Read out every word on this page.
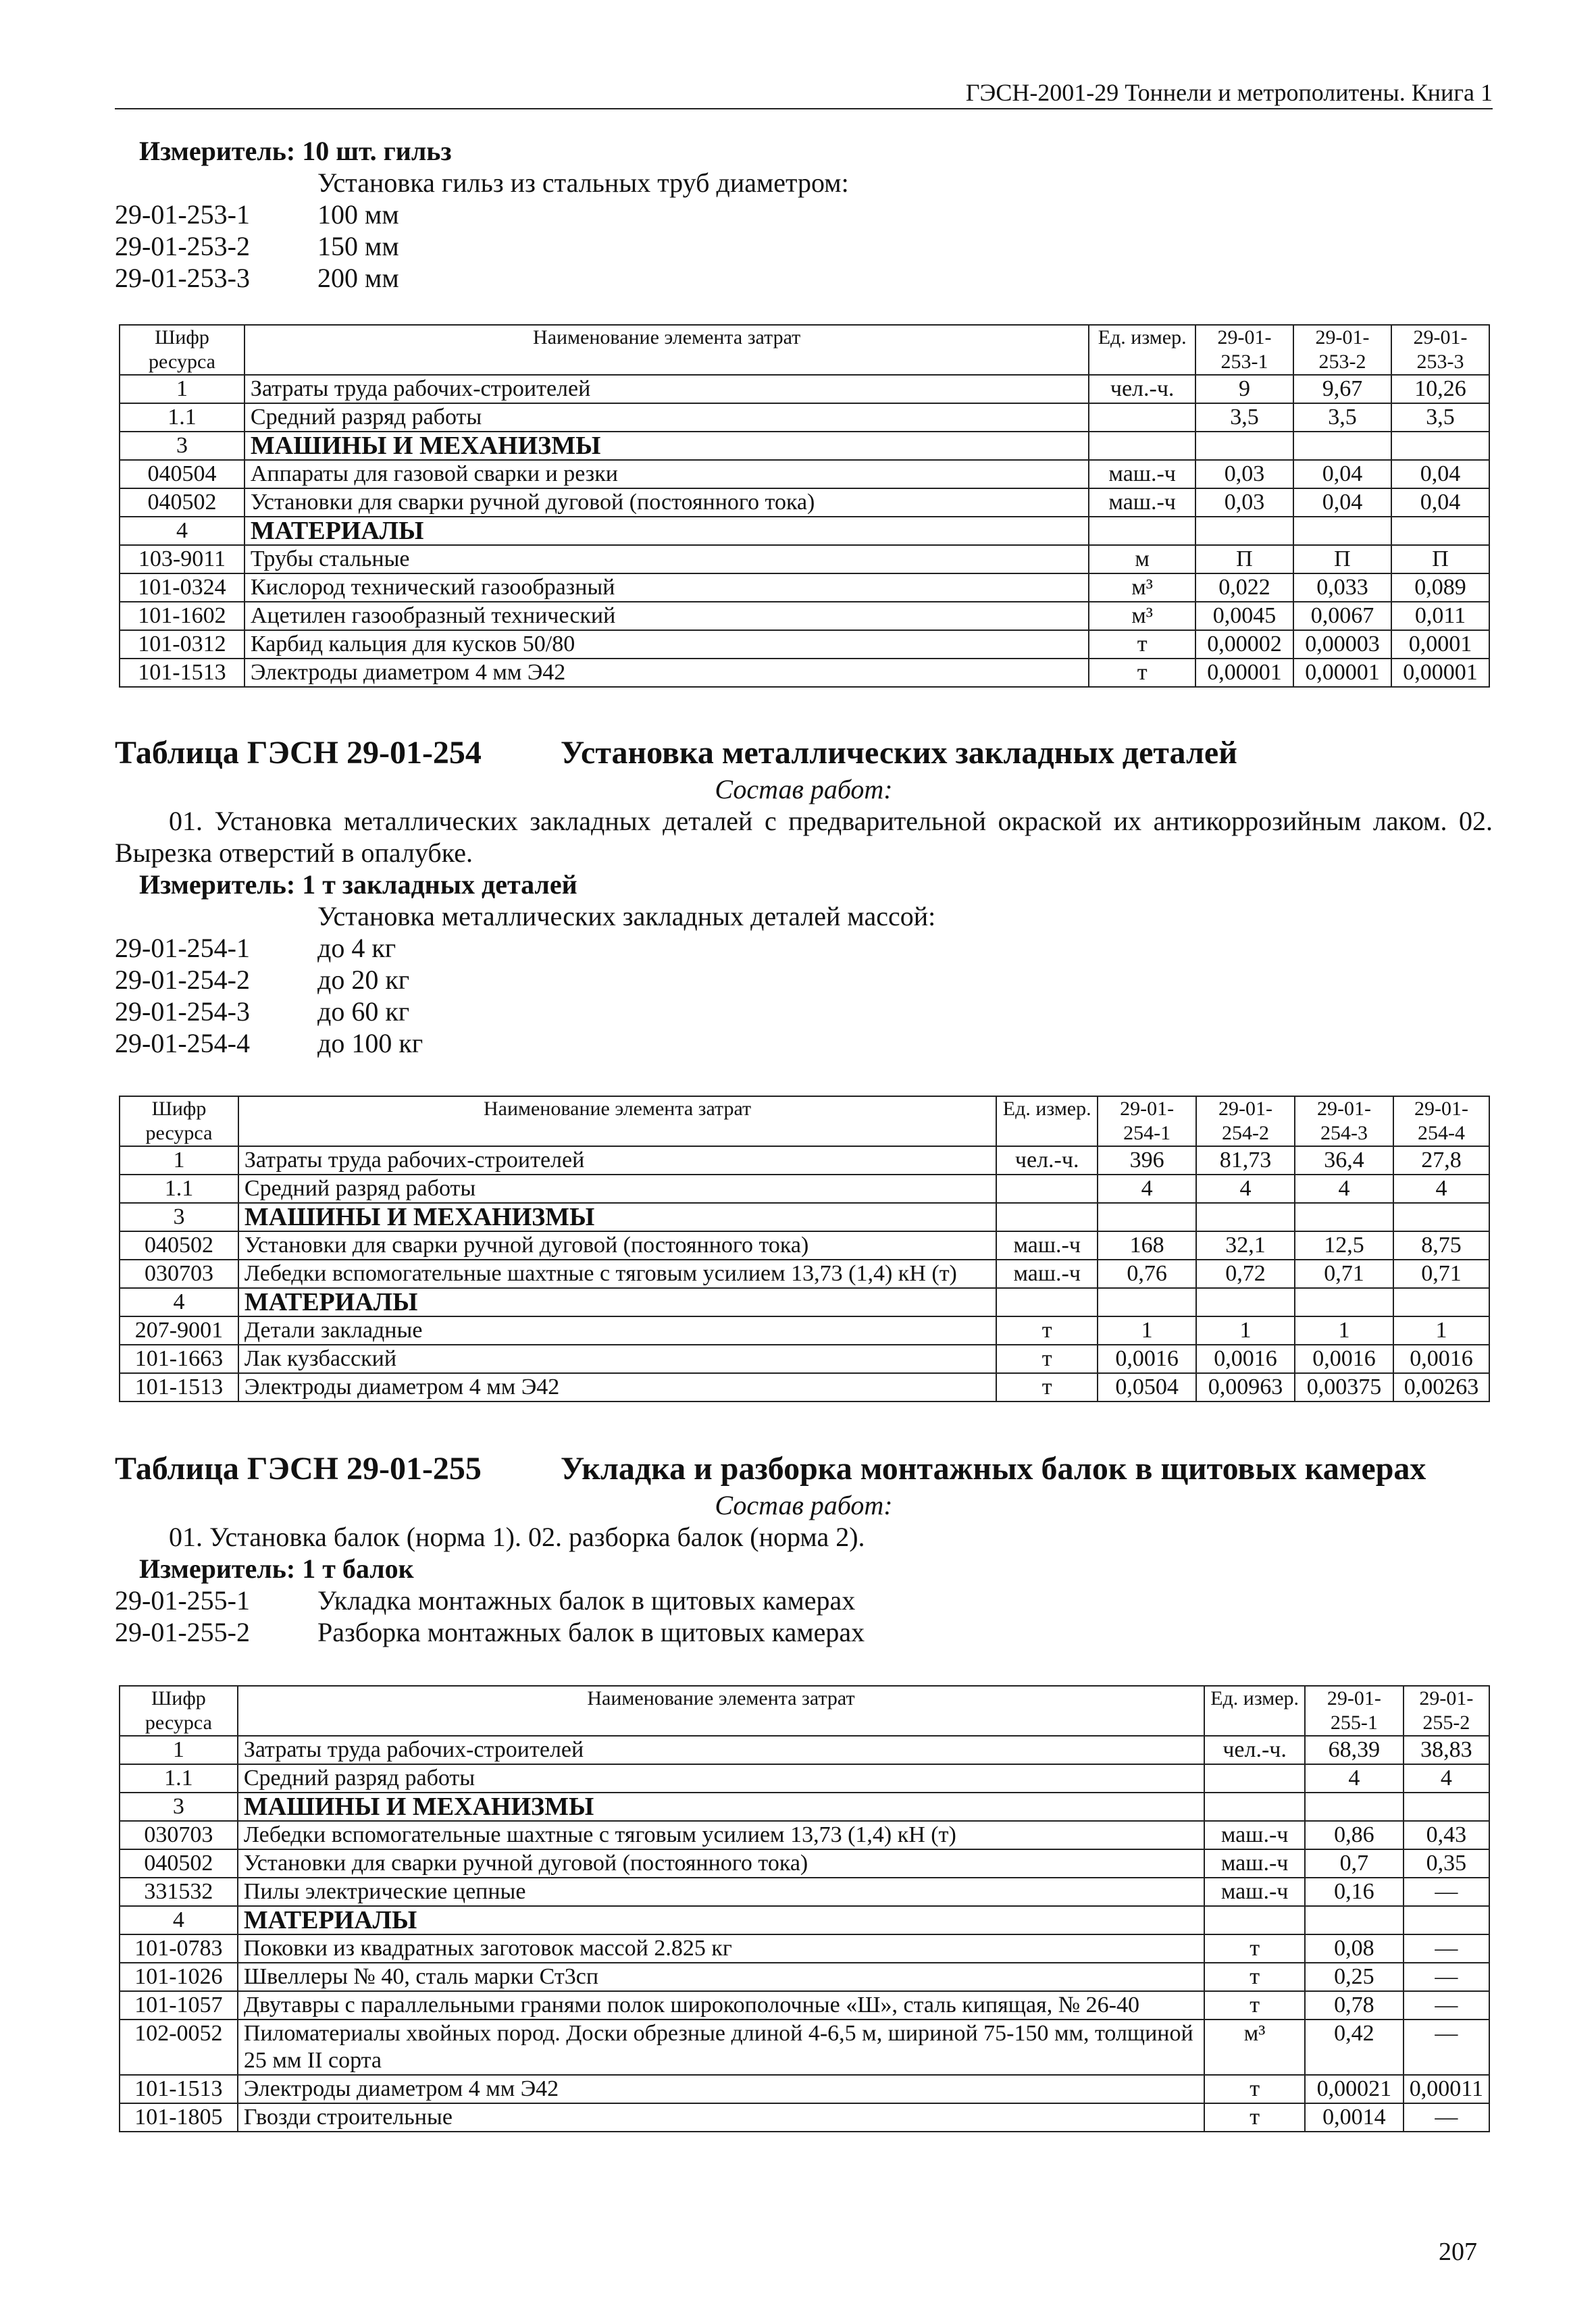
ГЭСН-2001-29 Тоннели и метрополитены. Книга 1
Измеритель: 10 шт. гильз
Установка гильз из стальных труб диаметром:
29-01-253-1	100 мм
29-01-253-2	150 мм
29-01-253-3	200 мм
Шифр ресурса	Наименование элемента затрат	Ед. измер.	29-01-253-1	29-01-253-2	29-01-253-3
1	Затраты труда рабочих-строителей	чел.-ч.	9	9,67	10,26
1.1	Средний разряд работы		3,5	3,5	3,5
3	МАШИНЫ И МЕХАНИЗМЫ				
040504	Аппараты для газовой сварки и резки	маш.-ч	0,03	0,04	0,04
040502	Установки для сварки ручной дуговой (постоянного тока)	маш.-ч	0,03	0,04	0,04
4	МАТЕРИАЛЫ				
103-9011	Трубы стальные	м	П	П	П
101-0324	Кислород технический газообразный	м³	0,022	0,033	0,089
101-1602	Ацетилен газообразный технический	м³	0,0045	0,0067	0,011
101-0312	Карбид кальция для кусков 50/80	т	0,00002	0,00003	0,0001
101-1513	Электроды диаметром 4 мм Э42	т	0,00001	0,00001	0,00001
Таблица ГЭСН 29-01-254 Установка металлических закладных деталей
Состав работ:
01. Установка металлических закладных деталей с предварительной окраской их антикоррозийным лаком. 02. Вырезка отверстий в опалубке.
Измеритель: 1 т закладных деталей
Установка металлических закладных деталей массой:
29-01-254-1	до 4 кг
29-01-254-2	до 20 кг
29-01-254-3	до 60 кг
29-01-254-4	до 100 кг
Шифр ресурса	Наименование элемента затрат	Ед. измер.	29-01-254-1	29-01-254-2	29-01-254-3	29-01-254-4
1	Затраты труда рабочих-строителей	чел.-ч.	396	81,73	36,4	27,8
1.1	Средний разряд работы		4	4	4	4
3	МАШИНЫ И МЕХАНИЗМЫ					
040502	Установки для сварки ручной дуговой (постоянного тока)	маш.-ч	168	32,1	12,5	8,75
030703	Лебедки вспомогательные шахтные с тяговым усилием 13,73 (1,4) кН (т)	маш.-ч	0,76	0,72	0,71	0,71
4	МАТЕРИАЛЫ					
207-9001	Детали закладные	т	1	1	1	1
101-1663	Лак кузбасский	т	0,0016	0,0016	0,0016	0,0016
101-1513	Электроды диаметром 4 мм Э42	т	0,0504	0,00963	0,00375	0,00263
Таблица ГЭСН 29-01-255 Укладка и разборка монтажных балок в щитовых камерах
Состав работ:
01. Установка балок (норма 1). 02. разборка балок (норма 2).
Измеритель: 1 т балок
29-01-255-1	Укладка монтажных балок в щитовых камерах
29-01-255-2	Разборка монтажных балок в щитовых камерах
Шифр ресурса	Наименование элемента затрат	Ед. измер.	29-01-255-1	29-01-255-2
1	Затраты труда рабочих-строителей	чел.-ч.	68,39	38,83
1.1	Средний разряд работы		4	4
3	МАШИНЫ И МЕХАНИЗМЫ			
030703	Лебедки вспомогательные шахтные с тяговым усилием 13,73 (1,4) кН (т)	маш.-ч	0,86	0,43
040502	Установки для сварки ручной дуговой (постоянного тока)	маш.-ч	0,7	0,35
331532	Пилы электрические цепные	маш.-ч	0,16	—
4	МАТЕРИАЛЫ			
101-0783	Поковки из квадратных заготовок массой 2.825 кг	т	0,08	—
101-1026	Швеллеры № 40, сталь марки Ст3сп	т	0,25	—
101-1057	Двутавры с параллельными гранями полок широкополочные «Ш», сталь кипящая, № 26-40	т	0,78	—
102-0052	Пиломатериалы хвойных пород. Доски обрезные длиной 4-6,5 м, шириной 75-150 мм, толщиной 25 мм II сорта	м³	0,42	—
101-1513	Электроды диаметром 4 мм Э42	т	0,00021	0,00011
101-1805	Гвозди строительные	т	0,0014	—
207
